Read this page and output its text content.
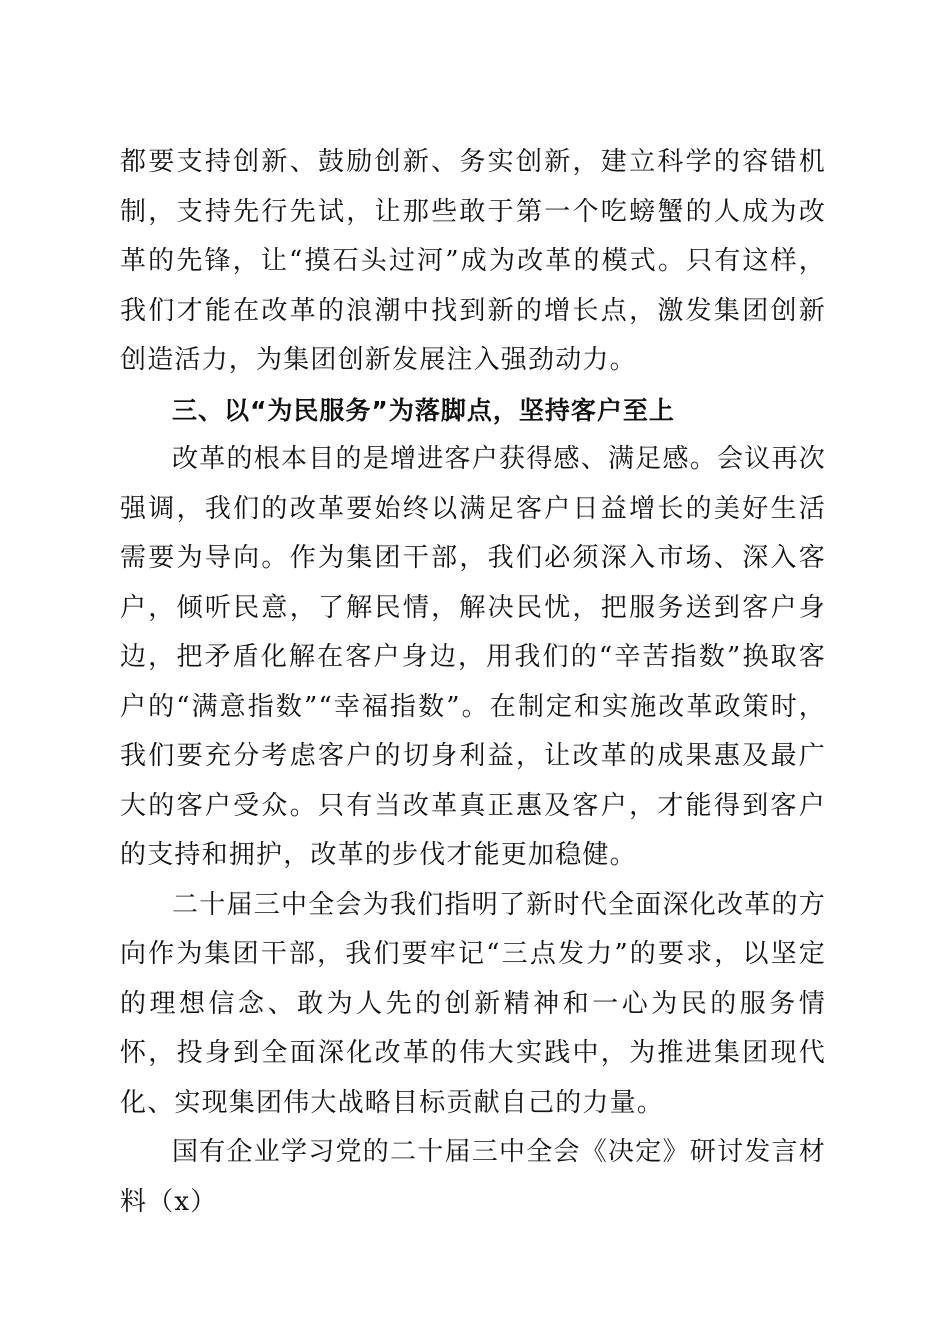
都要支持创新、鼓励创新、务实创新，建立科学的容错机制，支持先行先试，让那些敢于第一个吃螃蟹的人成为改革的先锋，让“摸石头过河”成为改革的模式。只有这样，我们才能在改革的浪潮中找到新的增长点，激发集团创新创造活力，为集团创新发展注入强劲动力。

三、以“为民服务”为落脚点，坚持客户至上

改革的根本目的是增进客户获得感、满足感。会议再次强调，我们的改革要始终以满足客户日益增长的美好生活需要为导向。作为集团干部，我们必须深入市场、深入客户，倾听民意，了解民情，解决民忧，把服务送到客户身边，把矛盾化解在客户身边，用我们的“辛苦指数”换取客户的“满意指数”“幸福指数”。在制定和实施改革政策时，我们要充分考虑客户的切身利益，让改革的成果惠及最广大的客户受众。只有当改革真正惠及客户，才能得到客户的支持和拥护，改革的步伐才能更加稳健。

二十届三中全会为我们指明了新时代全面深化改革的方向作为集团干部，我们要牢记“三点发力”的要求，以坚定的理想信念、敢为人先的创新精神和一心为民的服务情怀，投身到全面深化改革的伟大实践中，为推进集团现代化、实现集团伟大战略目标贡献自己的力量。

国有企业学习党的二十届三中全会《决定》研讨发言材料（x）
